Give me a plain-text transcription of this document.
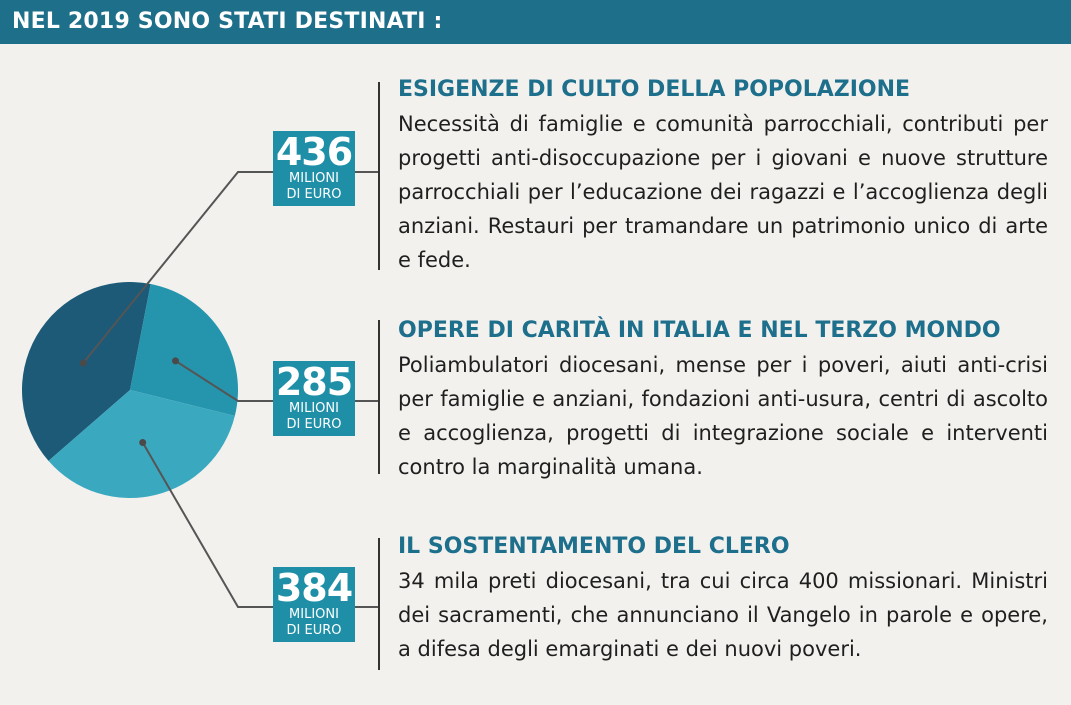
NEL 2019 SONO STATI DESTINATI :
436
MILIONI
DI EURO
285
MILIONI
DI EURO
384
MILIONI
DI EURO
ESIGENZE DI CULTO DELLA POPOLAZIONE

Necessità di famiglie e comunità parrocchiali, contributi per progetti anti-disoccupazione per i giovani e nuove strutture parrocchiali per l’educazione dei ragazzi e l’accoglienza degli anziani. Restauri per tramandare un patrimonio unico di arte e fede.

OPERE DI CARITÀ IN ITALIA E NEL TERZO MONDO

Poliambulatori diocesani, mense per i poveri, aiuti anti-crisi per famiglie e anziani, fondazioni anti-usura, centri di ascolto e accoglienza, progetti di integrazione sociale e interventi contro la marginalità umana.

IL SOSTENTAMENTO DEL CLERO

34 mila preti diocesani, tra cui circa 400 missionari. Ministri dei sacramenti, che annunciano il Vangelo in parole e opere, a difesa degli emarginati e dei nuovi poveri.
